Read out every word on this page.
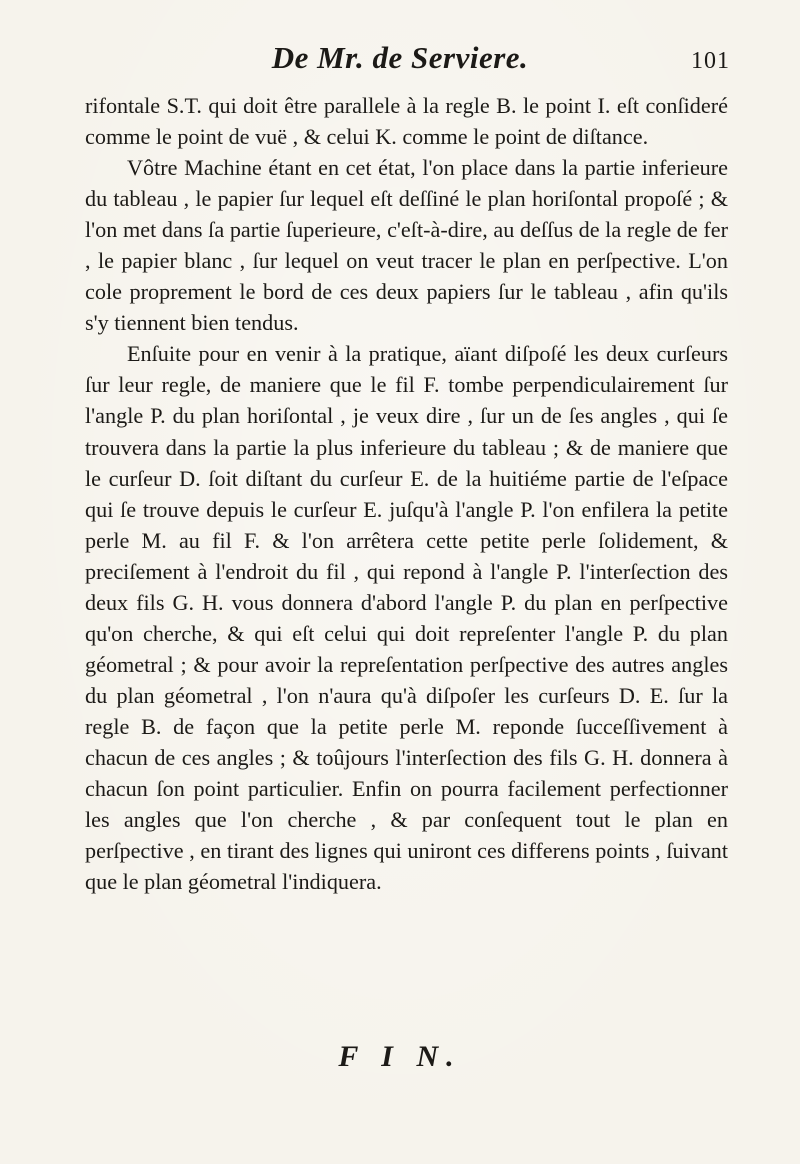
De Mr. de Serviere.	101

rifontale S.T. qui doit être parallele à la regle B. le point I. eſt conſideré comme le point de vuë , & celui K. comme le point de diſtance.

Vôtre Machine étant en cet état, l'on place dans la partie inferieure du tableau , le papier ſur lequel eſt deſſiné le plan horiſontal propoſé ; & l'on met dans ſa partie ſuperieure, c'eſt-à-dire, au deſſus de la regle de fer , le papier blanc , ſur lequel on veut tracer le plan en perſpective. L'on cole proprement le bord de ces deux papiers ſur le tableau , afin qu'ils s'y tiennent bien tendus.

Enſuite pour en venir à la pratique, aïant diſpoſé les deux curſeurs ſur leur regle, de maniere que le fil F. tombe perpendiculairement ſur l'angle P. du plan horiſontal , je veux dire , ſur un de ſes angles , qui ſe trouvera dans la partie la plus inferieure du tableau ; & de maniere que le curſeur D. ſoit diſtant du curſeur E. de la huitiéme partie de l'eſpace qui ſe trouve depuis le curſeur E. juſqu'à l'angle P. l'on enfilera la petite perle M. au fil F. & l'on arrêtera cette petite perle ſolidement, & preciſement à l'endroit du fil , qui repond à l'angle P. l'interſection des deux fils G. H. vous donnera d'abord l'angle P. du plan en perſpective qu'on cherche, & qui eſt celui qui doit repreſenter l'angle P. du plan géometral ; & pour avoir la repreſentation perſpective des autres angles du plan géometral , l'on n'aura qu'à diſpoſer les curſeurs D. E. ſur la regle B. de façon que la petite perle M. reponde ſucceſſivement à chacun de ces angles ; & toûjours l'interſection des fils G. H. donnera à chacun ſon point particulier. Enfin on pourra facilement perfectionner les angles que l'on cherche , & par conſequent tout le plan en perſpective , en tirant des lignes qui uniront ces differens points , ſuivant que le plan géometral l'indiquera.

F I N.
